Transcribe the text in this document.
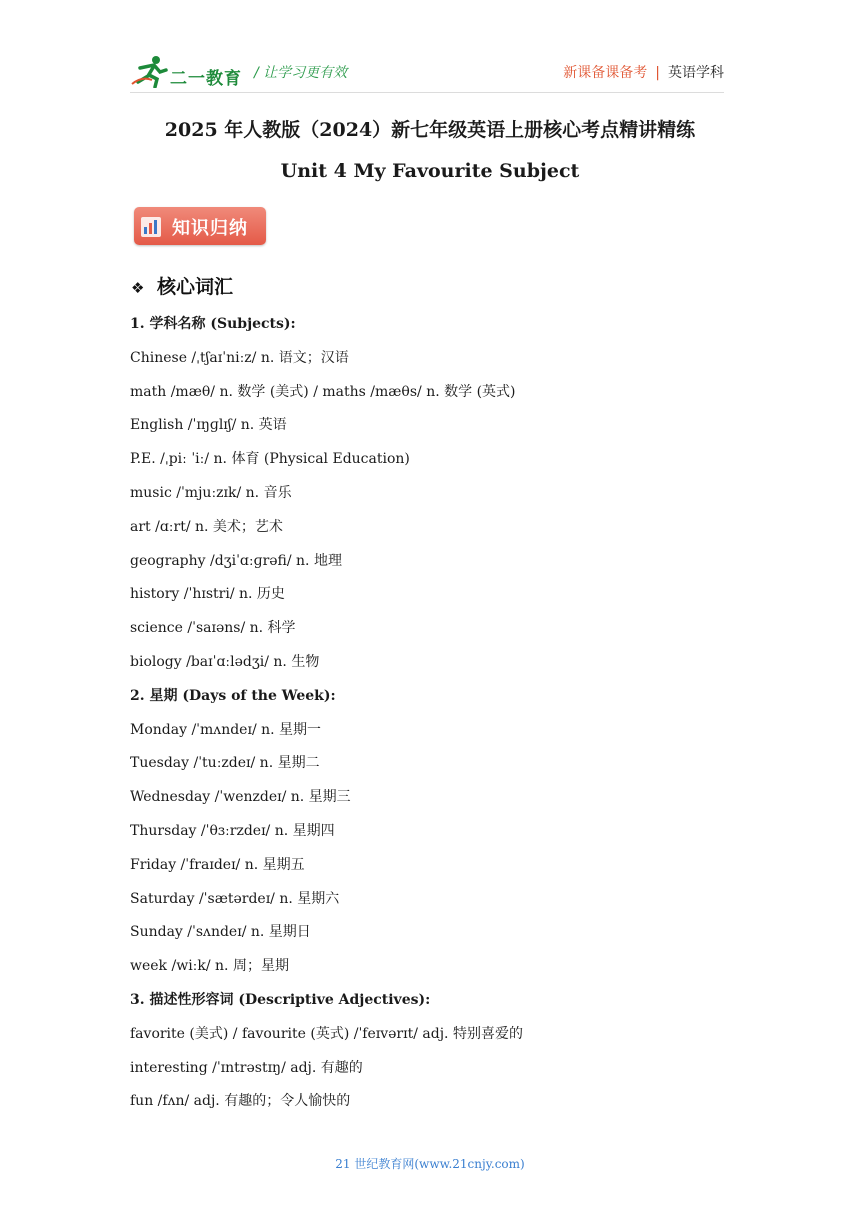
二一教育 / 让学习更有效	新课备课备考 | 英语学科
2025 年人教版（2024）新七年级英语上册核心考点精讲精练
Unit 4 My Favourite Subject
知识归纳
❖ 核心词汇
1. 学科名称 (Subjects):
Chinese /ˌtʃaɪˈniːz/ n. 语文；汉语
math /mæθ/ n. 数学 (美式) / maths /mæθs/ n. 数学 (英式)
English /ˈɪŋɡlɪʃ/ n. 英语
P.E. /ˌpiː ˈiː/ n. 体育 (Physical Education)
music /ˈmjuːzɪk/ n. 音乐
art /ɑːrt/ n. 美术；艺术
geography /dʒiˈɑːɡrəfi/ n. 地理
history /ˈhɪstri/ n. 历史
science /ˈsaɪəns/ n. 科学
biology /baɪˈɑːlədʒi/ n. 生物
2. 星期 (Days of the Week):
Monday /ˈmʌndeɪ/ n. 星期一
Tuesday /ˈtuːzdeɪ/ n. 星期二
Wednesday /ˈwenzdeɪ/ n. 星期三
Thursday /ˈθɜːrzdeɪ/ n. 星期四
Friday /ˈfraɪdeɪ/ n. 星期五
Saturday /ˈsætərdeɪ/ n. 星期六
Sunday /ˈsʌndeɪ/ n. 星期日
week /wiːk/ n. 周；星期
3. 描述性形容词 (Descriptive Adjectives):
favorite (美式) / favourite (英式) /ˈfeɪvərɪt/ adj. 特别喜爱的
interesting /ˈɪntrəstɪŋ/ adj. 有趣的
fun /fʌn/ adj. 有趣的；令人愉快的
21 世纪教育网(www.21cnjy.com)
